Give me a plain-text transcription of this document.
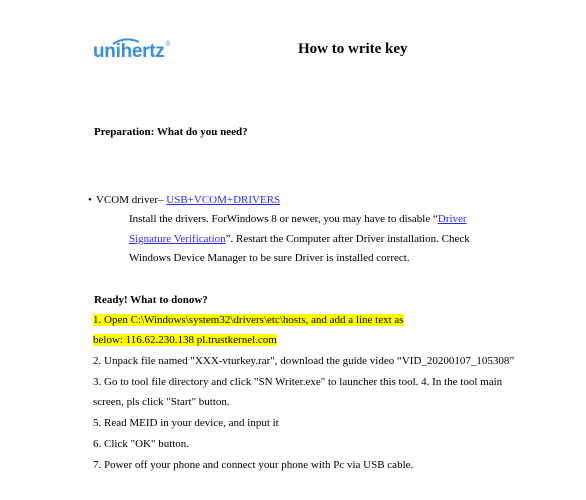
unihertz ®	How to write key
Preparation: What do you need?
• VCOM driver– USB+VCOM+DRIVERS
Install the drivers. ForWindows 8 or newer, you may have to disable “Driver
Signature Verification”. Restart the Computer after Driver installation. Check
Windows Device Manager to be sure Driver is installed correct.
Ready! What to donow?
1. Open C:\Windows\system32\drivers\etc\hosts, and add a line text as
below: 116.62.230.138 pl.trustkernel.com
2. Unpack file named "XXX-vturkey.rar", download the guide video “VID_20200107_105308”
3. Go to tool file directory and click "SN Writer.exe" to launcher this tool. 4. In the tool main
screen, pls click "Start" button.
5. Read MEID in your device, and input it
6. Click "OK" button.
7. Power off your phone and connect your phone with Pc via USB cable.
